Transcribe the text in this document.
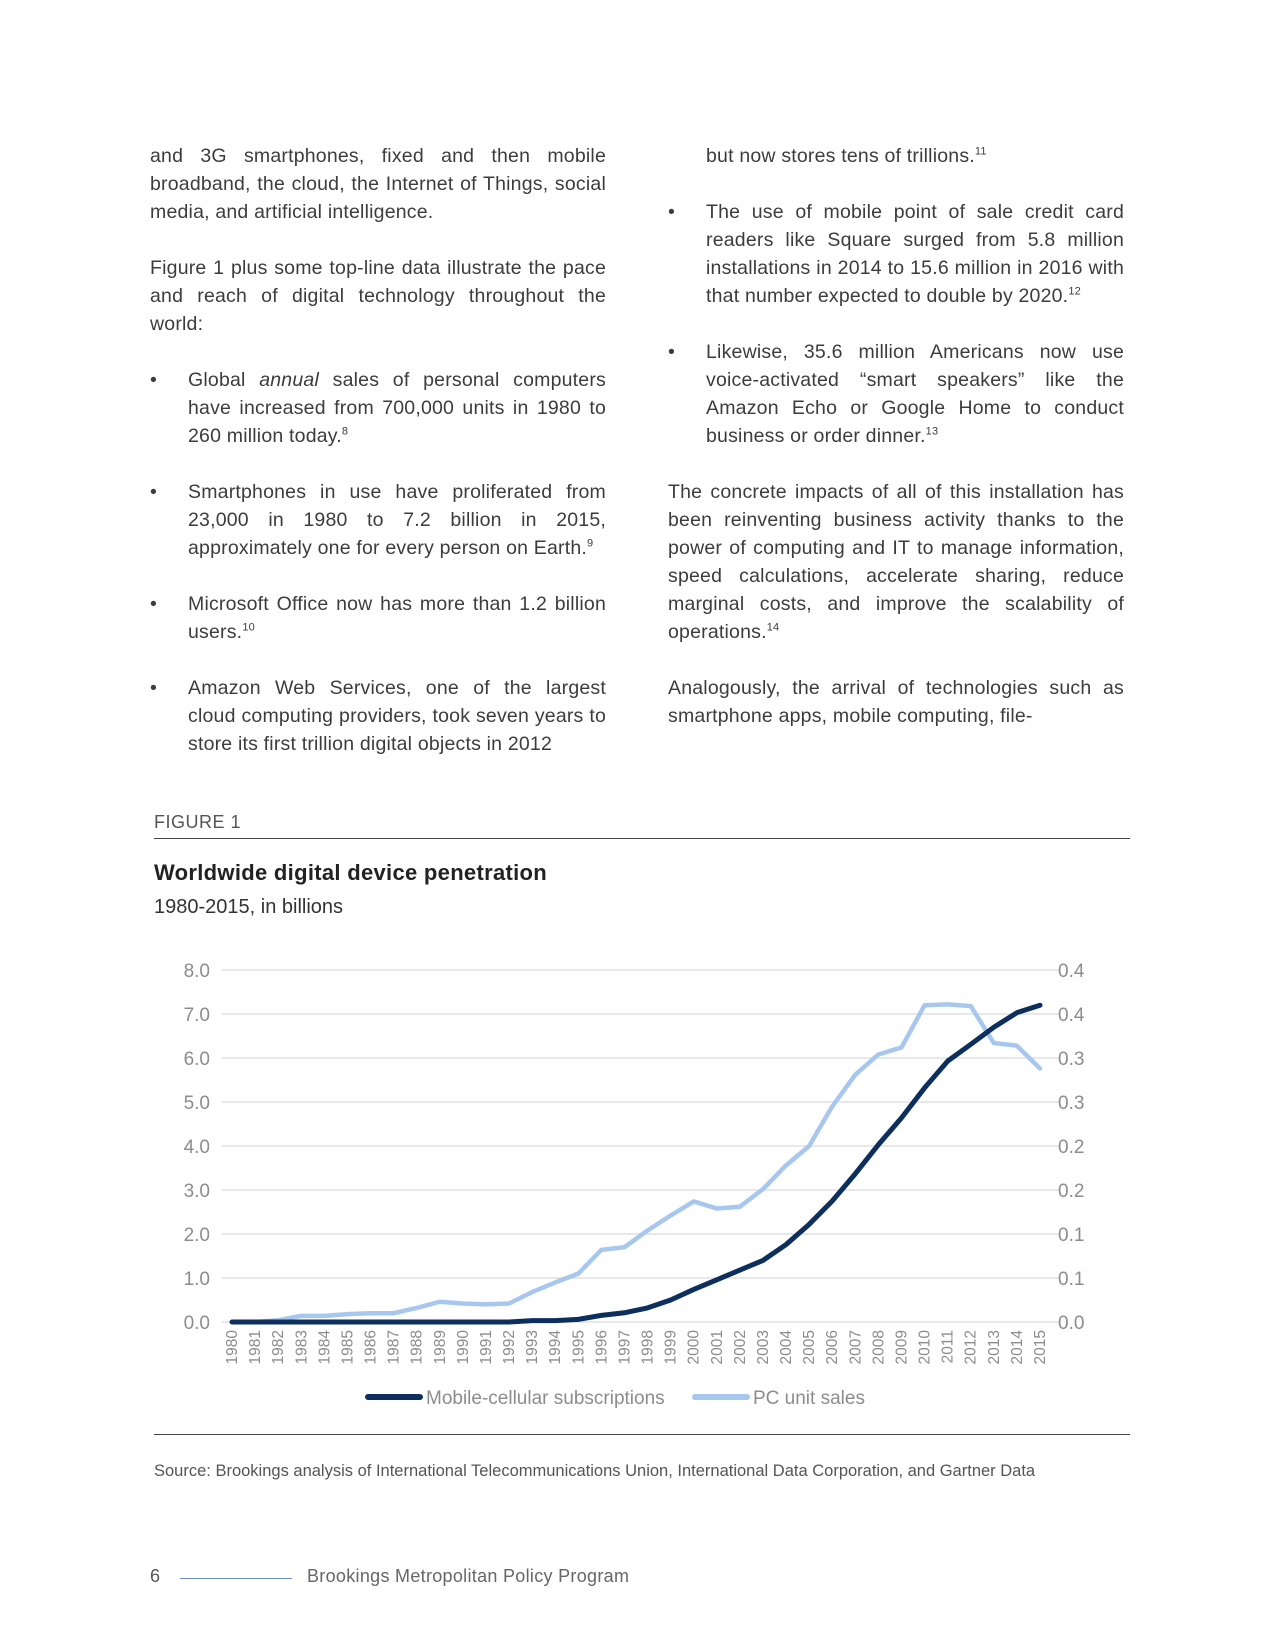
and 3G smartphones, fixed and then mobile broadband, the cloud, the Internet of Things, social media, and artificial intelligence.

Figure 1 plus some top-line data illustrate the pace and reach of digital technology throughout the world:

•	Global annual sales of personal computers have increased from 700,000 units in 1980 to 260 million today.$^8$
•	Smartphones in use have proliferated from 23,000 in 1980 to 7.2 billion in 2015, approximately one for every person on Earth.$^9$
•	Microsoft Office now has more than 1.2 billion users.$^{10}$
•	Amazon Web Services, one of the largest cloud computing providers, took seven years to store its first trillion digital objects in 2012

but now stores tens of trillions.$^{11}$

•	The use of mobile point of sale credit card readers like Square surged from 5.8 million installations in 2014 to 15.6 million in 2016 with that number expected to double by 2020.12
•	Likewise, 35.6 million Americans now use voice-activated “smart speakers” like the Amazon Echo or Google Home to conduct business or order dinner.$^{13}$

The concrete impacts of all of this installation has been reinventing business activity thanks to the power of computing and IT to manage information, speed calculations, accelerate sharing, reduce marginal costs, and improve the scalability of operations.$^{14}$

Analogously, the arrival of technologies such as smartphone apps, mobile computing, file-

FIGURE 1
Worldwide digital device penetration
1980-2015, in billions
0.0
1.0
2.0
3.0
4.0
5.0
6.0
7.0
8.0
0.0
0.1
0.1
0.2
0.2
0.3
0.3
0.4
0.4
1980 1981 1982 1983 1984 1985 1986 1987 1988 1989 1990 1991 1992 1993 1994 1995 1996 1997 1998 1999 2000 2001 2002 2003 2004 2005 2006 2007 2008 2009 2010 2011 2012 2013 2014 2015
Mobile-cellular subscriptions	PC unit sales
Source: Brookings analysis of International Telecommunications Union, International Data Corporation, and Gartner Data
6	Brookings Metropolitan Policy Program
